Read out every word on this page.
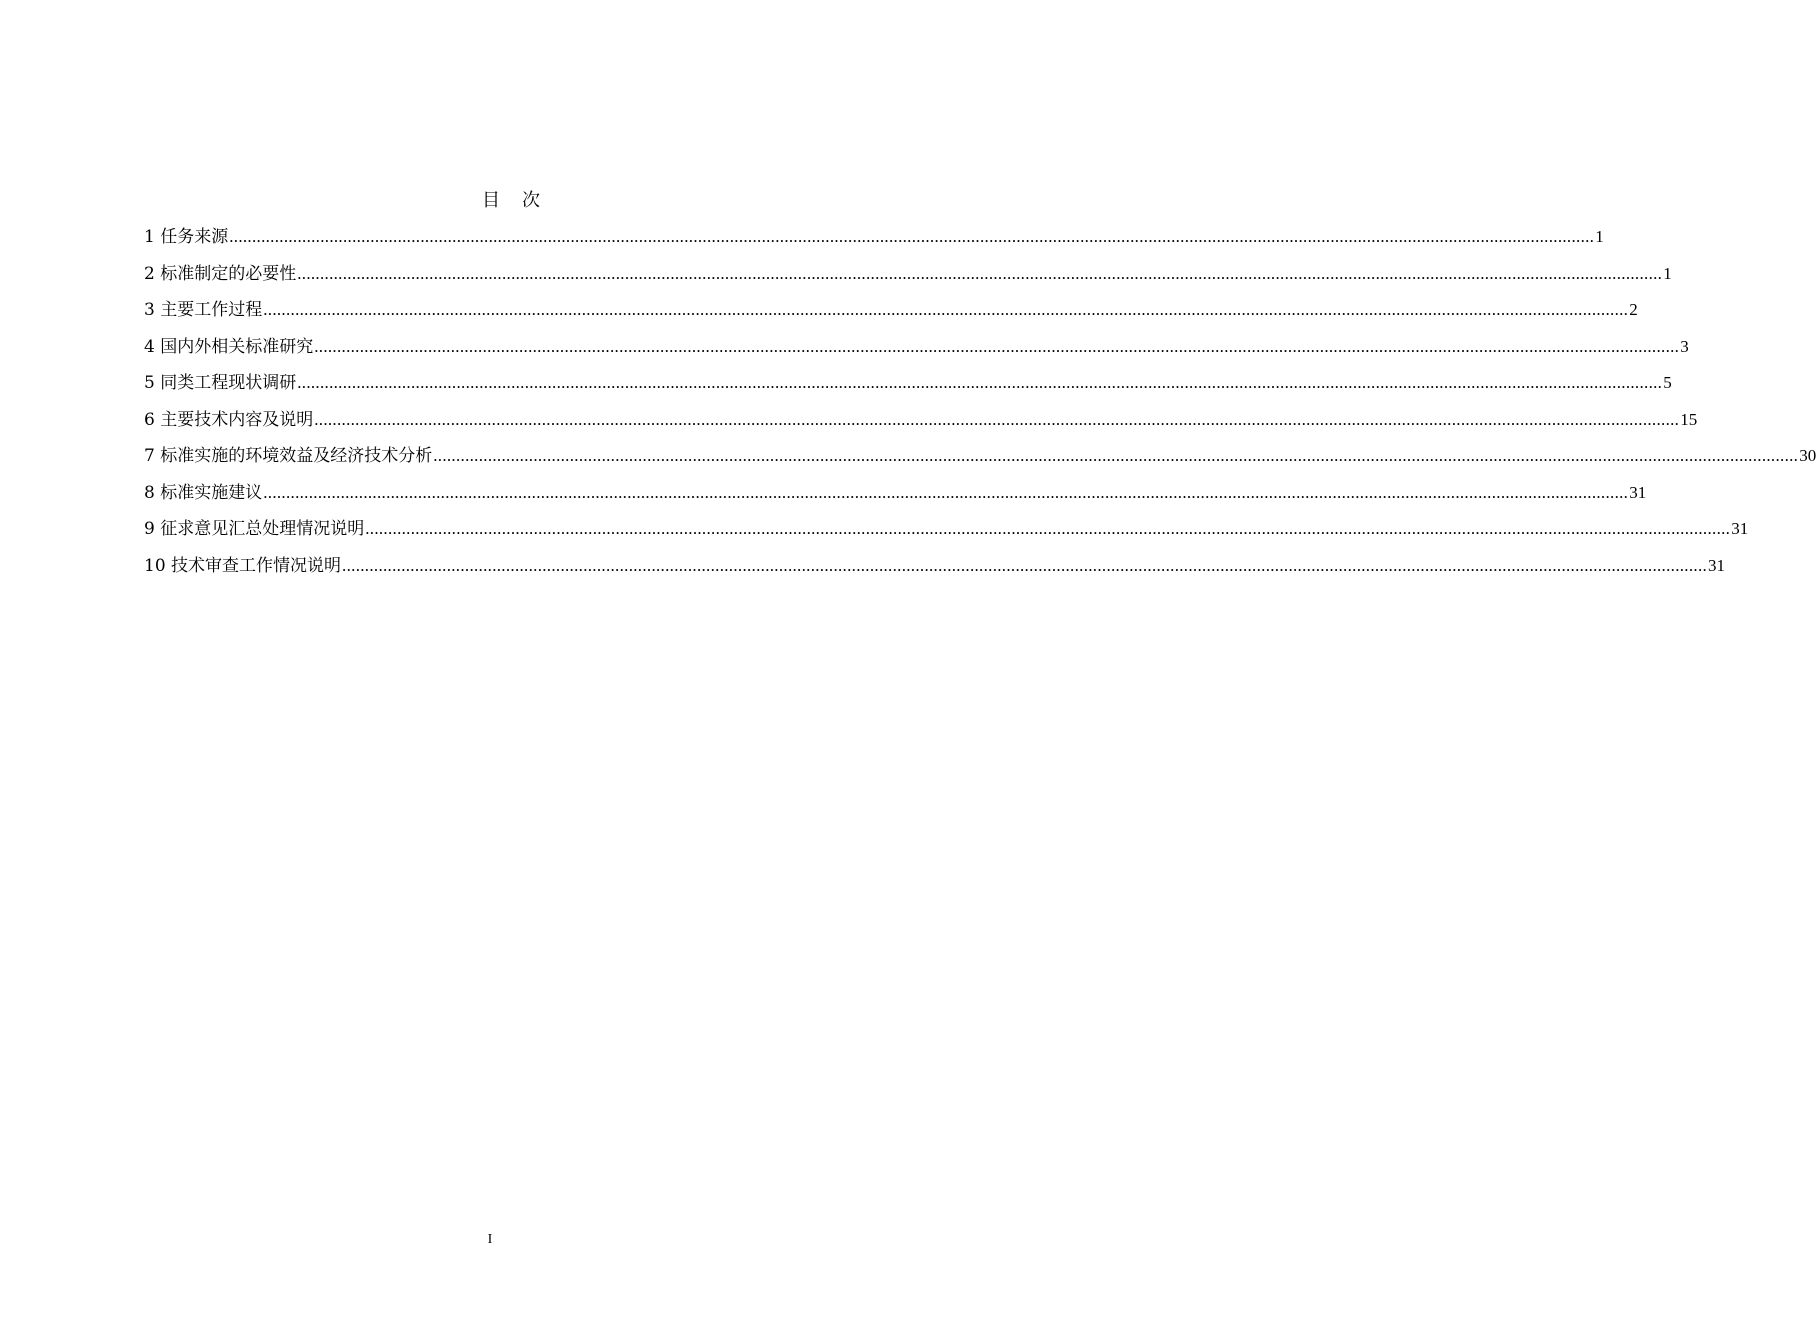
目 次
1 任务来源 ............................................................................................................................................................................................................................................................................................................ 1
2 标准制定的必要性 ............................................................................................................................................................................................................................................................................................................ 1
3 主要工作过程 ............................................................................................................................................................................................................................................................................................................ 2
4 国内外相关标准研究 ............................................................................................................................................................................................................................................................................................................ 3
5 同类工程现状调研 ............................................................................................................................................................................................................................................................................................................ 5
6 主要技术内容及说明 ............................................................................................................................................................................................................................................................................................................ 15
7 标准实施的环境效益及经济技术分析 ............................................................................................................................................................................................................................................................................................................ 30
8 标准实施建议 ............................................................................................................................................................................................................................................................................................................ 31
9 征求意见汇总处理情况说明 ............................................................................................................................................................................................................................................................................................................ 31
10 技术审查工作情况说明 ............................................................................................................................................................................................................................................................................................................ 31
I
